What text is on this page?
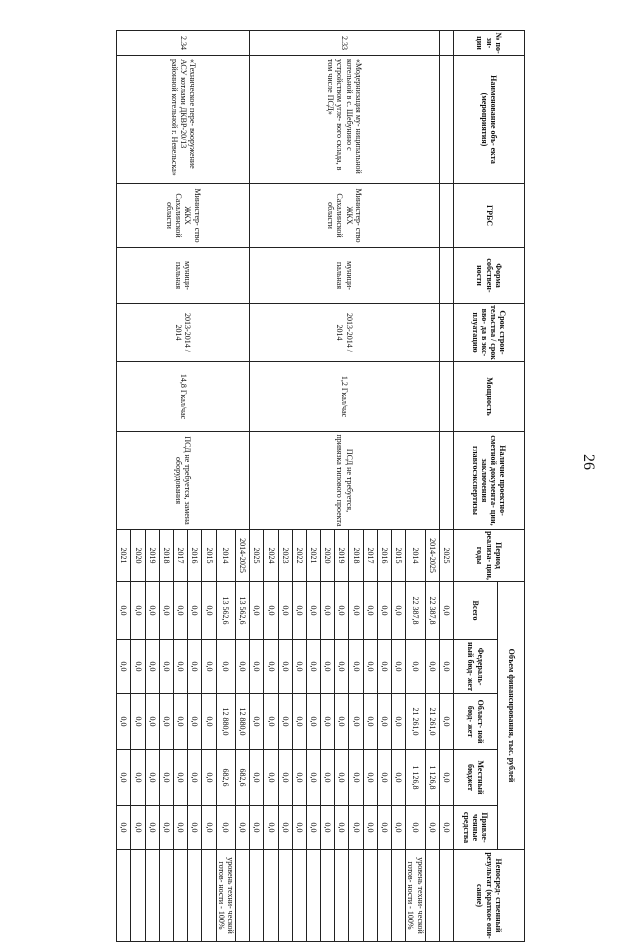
26
№ по- зи- ции	Наименование объ- екта (мероприятия)	ГРБС	Форма собствен- ности	Срок строи- тельства / срок вво- да в экс- плуатацию	Мощность	Наличие проектно- сметной документа- ции, заключения главгосэкспертизы	Период реализа- ции, годы	Объем финансирования, тыс. рублей					Непосред- ственный результат (краткое опи- сание)
								Всего	Федераль- ный бюд- жет	Област- ной бюд- жет	Местный бюджет	Привле- ченные средства	
							2025	0,0	0,0	0,0	0,0	0,0	
2.33	«Модернизация му- ниципальной котельной в с. Шебунино с устройством угле- вого склада, в том числе ПСД»	Министер- ство ЖКХ Сахалинской области	муници- пальная	2013-2014 / 2014	1,2 Гкал/час	ПСД не требуется, привязка типового проекта	2014-2025	22 387,8	0,0	21 261,0	1 126,8	0,0	
							2014	22 387,8	0,0	21 261,0	1 126,8	0,0	уровень техни- ческой готов- ности - 100%
							2015	0,0	0,0	0,0	0,0	0,0	
							2016	0,0	0,0	0,0	0,0	0,0	
							2017	0,0	0,0	0,0	0,0	0,0	
							2018	0,0	0,0	0,0	0,0	0,0	
							2019	0,0	0,0	0,0	0,0	0,0	
							2020	0,0	0,0	0,0	0,0	0,0	
							2021	0,0	0,0	0,0	0,0	0,0	
							2022	0,0	0,0	0,0	0,0	0,0	
							2023	0,0	0,0	0,0	0,0	0,0	
							2024	0,0	0,0	0,0	0,0	0,0	
							2025	0,0	0,0	0,0	0,0	0,0	
2.34	«Техническое пере- вооружение АСУ котлами ДКВР-20/13 районной котельной г. Невельска»	Министер- ство ЖКХ Сахалинской области	муници- пальная	2013-2014 / 2014	14,8 Гкал/час	ПСД не требуется, замена оборудования	2014-2025	13 562,6	0,0	12 880,0	682,6	0,0	
							2014	13 562,6	0,0	12 880,0	682,6	0,0	уровень техни- ческой готов- ности - 100%
							2015	0,0	0,0	0,0	0,0	0,0	
							2016	0,0	0,0	0,0	0,0	0,0	
							2017	0,0	0,0	0,0	0,0	0,0	
							2018	0,0	0,0	0,0	0,0	0,0	
							2019	0,0	0,0	0,0	0,0	0,0	
							2020	0,0	0,0	0,0	0,0	0,0	
							2021	0,0	0,0	0,0	0,0	0,0	
